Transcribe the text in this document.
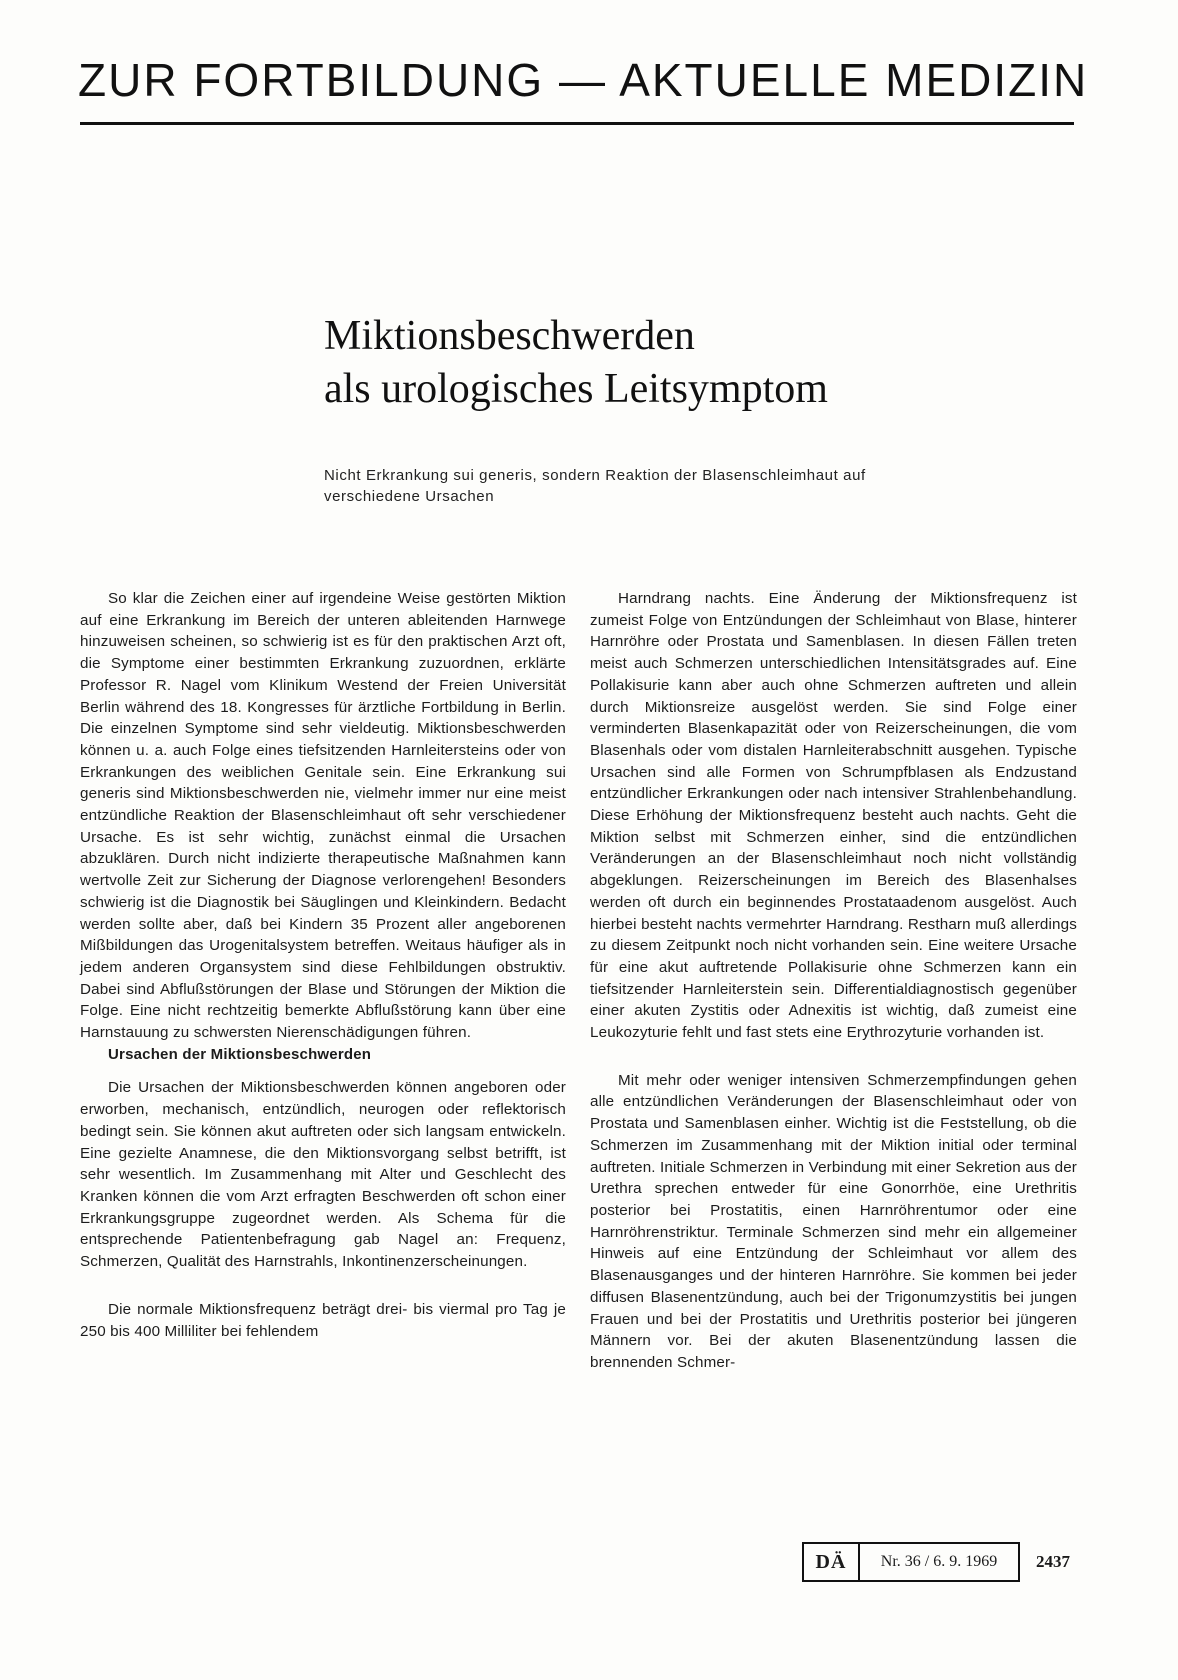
ZUR FORTBILDUNG — AKTUELLE MEDIZIN
Miktionsbeschwerden
als urologisches Leitsymptom
Nicht Erkrankung sui generis, sondern Reaktion der Blasenschleimhaut auf verschiedene Ursachen

So klar die Zeichen einer auf irgendeine Weise gestörten Miktion auf eine Erkrankung im Bereich der unteren ableitenden Harnwege hinzuweisen scheinen, so schwierig ist es für den praktischen Arzt oft, die Symptome einer bestimmten Erkrankung zuzuordnen, erklärte Professor R. Nagel vom Klinikum Westend der Freien Universität Berlin während des 18. Kongresses für ärztliche Fortbildung in Berlin. Die einzelnen Symptome sind sehr vieldeutig. Miktionsbeschwerden können u. a. auch Folge eines tiefsitzenden Harnleitersteins oder von Erkrankungen des weiblichen Genitale sein. Eine Erkrankung sui generis sind Miktionsbeschwerden nie, vielmehr immer nur eine meist entzündliche Reaktion der Blasenschleimhaut oft sehr verschiedener Ursache. Es ist sehr wichtig, zunächst einmal die Ursachen abzuklären. Durch nicht indizierte therapeutische Maßnahmen kann wertvolle Zeit zur Sicherung der Diagnose verlorengehen! Besonders schwierig ist die Diagnostik bei Säuglingen und Kleinkindern. Bedacht werden sollte aber, daß bei Kindern 35 Prozent aller angeborenen Mißbildungen das Urogenitalsystem betreffen. Weitaus häufiger als in jedem anderen Organsystem sind diese Fehlbildungen obstruktiv. Dabei sind Abflußstörungen der Blase und Störungen der Miktion die Folge. Eine nicht rechtzeitig bemerkte Abflußstörung kann über eine Harnstauung zu schwersten Nierenschädigungen führen.

Ursachen der Miktionsbeschwerden

Die Ursachen der Miktionsbeschwerden können angeboren oder erworben, mechanisch, entzündlich, neurogen oder reflektorisch bedingt sein. Sie können akut auftreten oder sich langsam entwickeln. Eine gezielte Anamnese, die den Miktionsvorgang selbst betrifft, ist sehr wesentlich. Im Zusammenhang mit Alter und Geschlecht des Kranken können die vom Arzt erfragten Beschwerden oft schon einer Erkrankungsgruppe zugeordnet werden. Als Schema für die entsprechende Patientenbefragung gab Nagel an: Frequenz, Schmerzen, Qualität des Harnstrahls, Inkontinenzerscheinungen.

Die normale Miktionsfrequenz beträgt drei- bis viermal pro Tag je 250 bis 400 Milliliter bei fehlendem

Harndrang nachts. Eine Änderung der Miktionsfrequenz ist zumeist Folge von Entzündungen der Schleimhaut von Blase, hinterer Harnröhre oder Prostata und Samenblasen. In diesen Fällen treten meist auch Schmerzen unterschiedlichen Intensitätsgrades auf. Eine Pollakisurie kann aber auch ohne Schmerzen auftreten und allein durch Miktionsreize ausgelöst werden. Sie sind Folge einer verminderten Blasenkapazität oder von Reizerscheinungen, die vom Blasenhals oder vom distalen Harnleiterabschnitt ausgehen. Typische Ursachen sind alle Formen von Schrumpfblasen als Endzustand entzündlicher Erkrankungen oder nach intensiver Strahlenbehandlung. Diese Erhöhung der Miktionsfrequenz besteht auch nachts. Geht die Miktion selbst mit Schmerzen einher, sind die entzündlichen Veränderungen an der Blasenschleimhaut noch nicht vollständig abgeklungen. Reizerscheinungen im Bereich des Blasenhalses werden oft durch ein beginnendes Prostataadenom ausgelöst. Auch hierbei besteht nachts vermehrter Harndrang. Restharn muß allerdings zu diesem Zeitpunkt noch nicht vorhanden sein. Eine weitere Ursache für eine akut auftretende Pollakisurie ohne Schmerzen kann ein tiefsitzender Harnleiterstein sein. Differentialdiagnostisch gegenüber einer akuten Zystitis oder Adnexitis ist wichtig, daß zumeist eine Leukozyturie fehlt und fast stets eine Erythrozyturie vorhanden ist.

Mit mehr oder weniger intensiven Schmerzempfindungen gehen alle entzündlichen Veränderungen der Blasenschleimhaut oder von Prostata und Samenblasen einher. Wichtig ist die Feststellung, ob die Schmerzen im Zusammenhang mit der Miktion initial oder terminal auftreten. Initiale Schmerzen in Verbindung mit einer Sekretion aus der Urethra sprechen entweder für eine Gonorrhöe, eine Urethritis posterior bei Prostatitis, einen Harnröhrentumor oder eine Harnröhrenstriktur. Terminale Schmerzen sind mehr ein allgemeiner Hinweis auf eine Entzündung der Schleimhaut vor allem des Blasenausganges und der hinteren Harnröhre. Sie kommen bei jeder diffusen Blasenentzündung, auch bei der Trigonumzystitis bei jungen Frauen und bei der Prostatitis und Urethritis posterior bei jüngeren Männern vor. Bei der akuten Blasenentzündung lassen die brennenden Schmer-

DÄ	Nr. 36 / 6. 9. 1969	2437
